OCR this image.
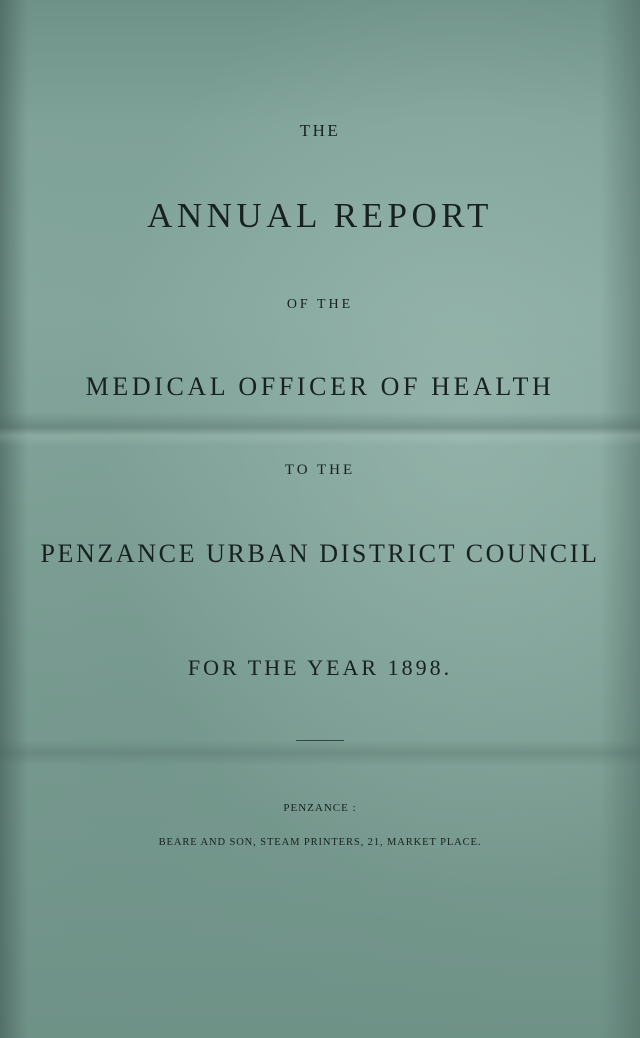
THE
ANNUAL REPORT
OF THE
MEDICAL OFFICER OF HEALTH
TO THE
PENZANCE URBAN DISTRICT COUNCIL
FOR THE YEAR 1898.
PENZANCE :
BEARE AND SON, STEAM PRINTERS, 21, MARKET PLACE.
